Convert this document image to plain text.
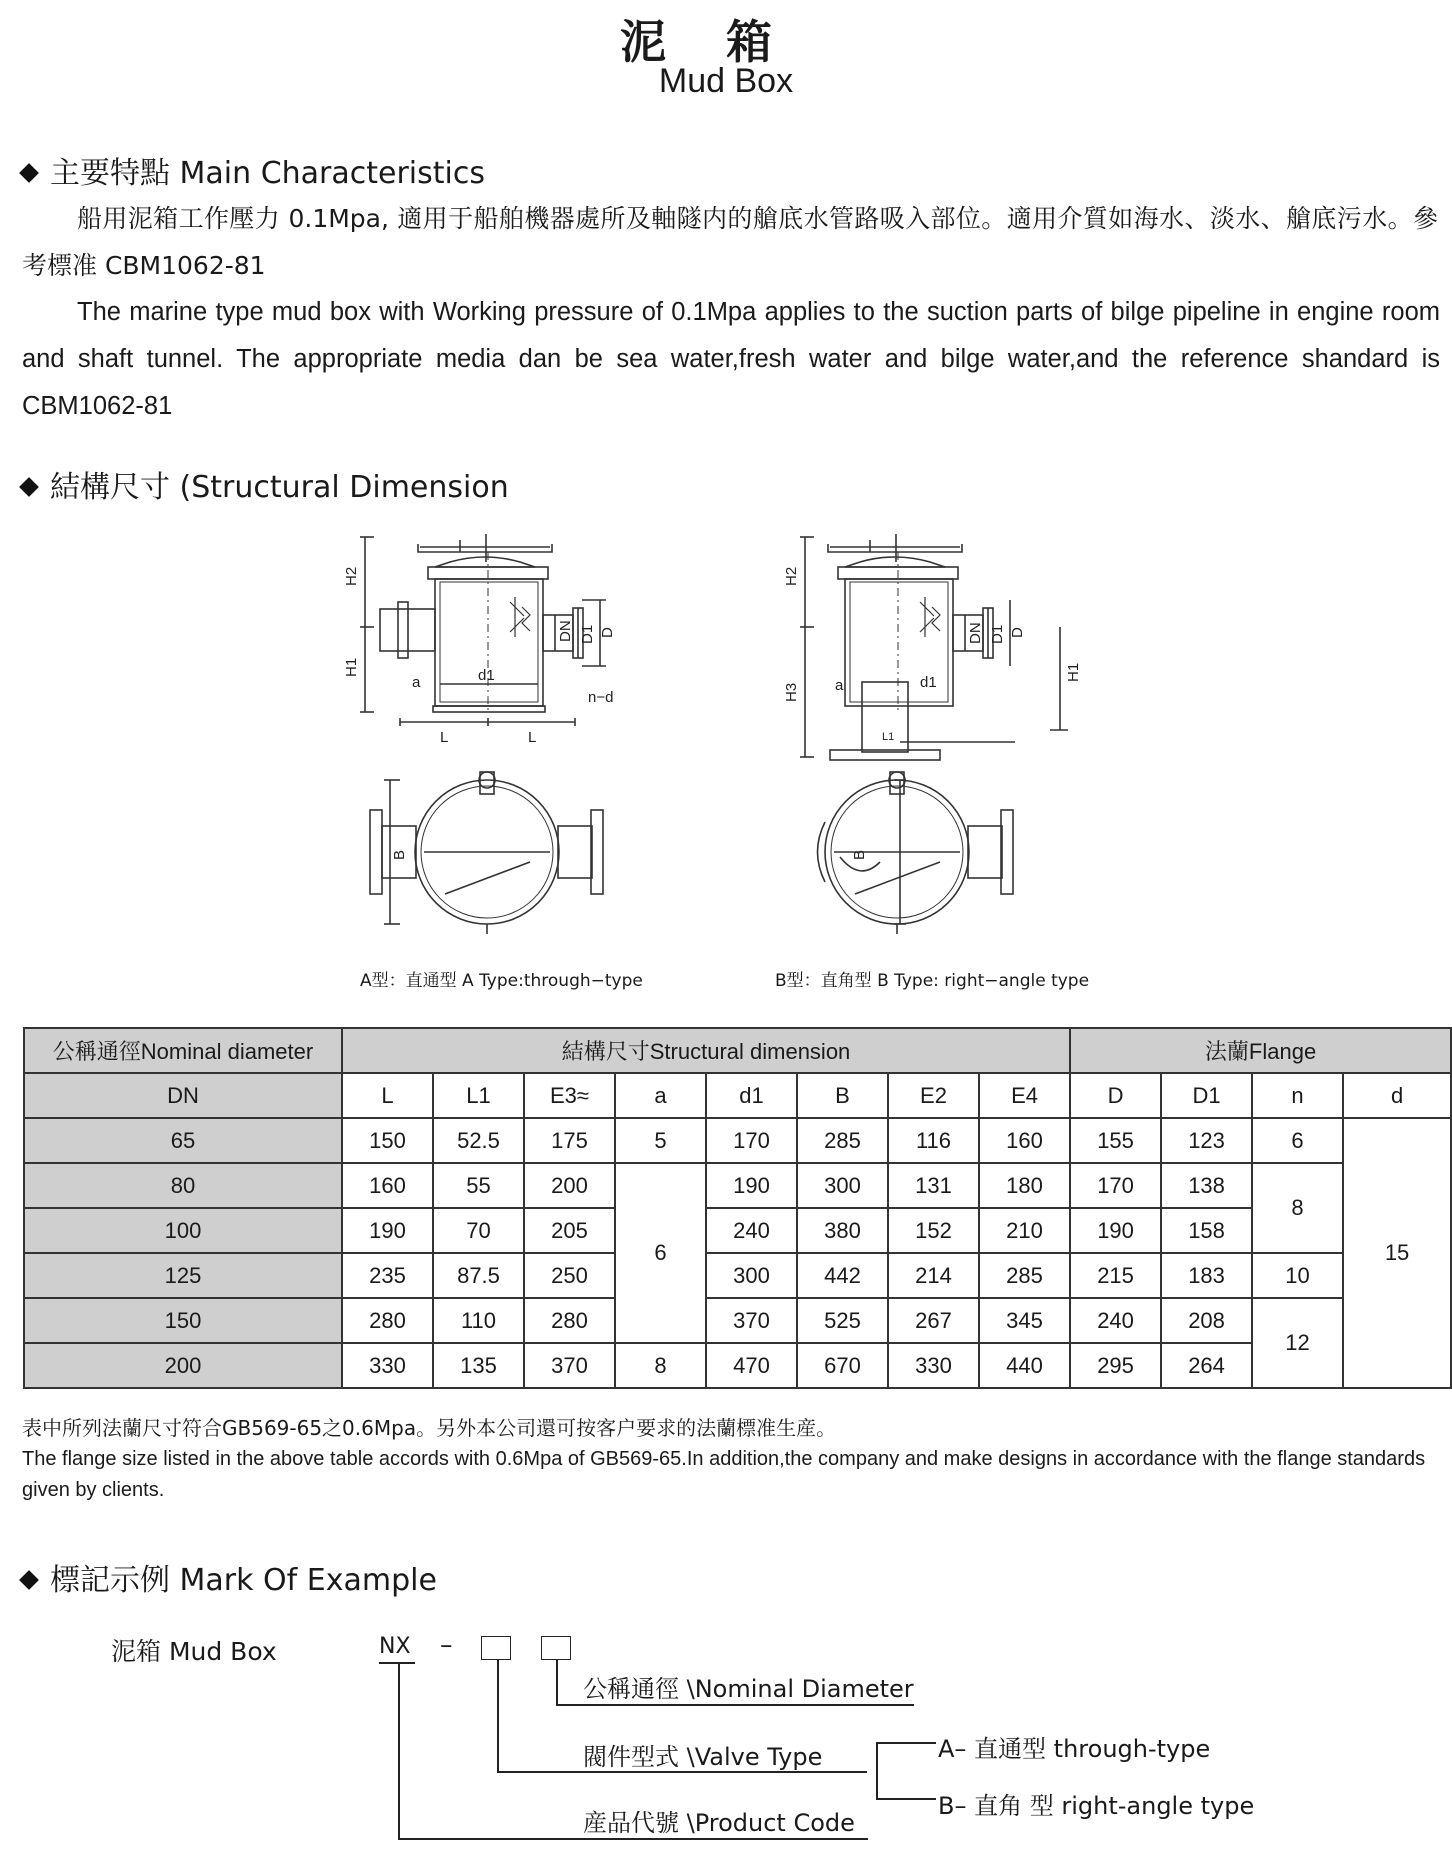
泥箱
Mud Box
主要特點 Main Characteristics
船用泥箱工作壓力 0.1Mpa, 適用于船舶機器處所及軸隧内的艙底水管路吸入部位。適用介質如海水、淡水、艙底污水。參考標准 CBM1062-81
The marine type mud box with Working pressure of 0.1Mpa applies to the suction parts of bilge pipeline in engine room and shaft tunnel. The appropriate media dan be sea water,fresh water and bilge water,and the reference shandard is CBM1062-81
結構尺寸 (Structural Dimension
H2
H1
DN D1 D
d1
a
L	L
n−d
B
A型：直通型 A Type:through−type
H2
H3
DN D1 D
H1
d1
a
L1
B
B型：直角型 B Type: right−angle type
公稱通徑Nominal diameter	結構尺寸Structural dimension								法蘭Flange			
DN	L	L1	E3≈	a	d1	B	E2	E4	D	D1	n	d
65	150	52.5	175	5	170	285	116	160	155	123	6	15
80	160	55	200	6	190	300	131	180	170	138	8	
100	190	70	205		240	380	152	210	190	158		
125	235	87.5	250		300	442	214	285	215	183	10	
150	280	110	280		370	525	267	345	240	208	12	
200	330	135	370	8	470	670	330	440	295	264		
表中所列法蘭尺寸符合GB569-65之0.6Mpa。另外本公司還可按客户要求的法蘭標准生産。
The flange size listed in the above table accords with 0.6Mpa of GB569-65.In addition,the company and make designs in accordance with the flange standards given by clients.
標記示例 Mark Of Example
泥箱 Mud Box	NX –
公稱通徑 \Nominal Diameter
閥件型式 \Valve Type
産品代號 \Product Code
A– 直通型 through-type
B– 直角 型 right-angle type
